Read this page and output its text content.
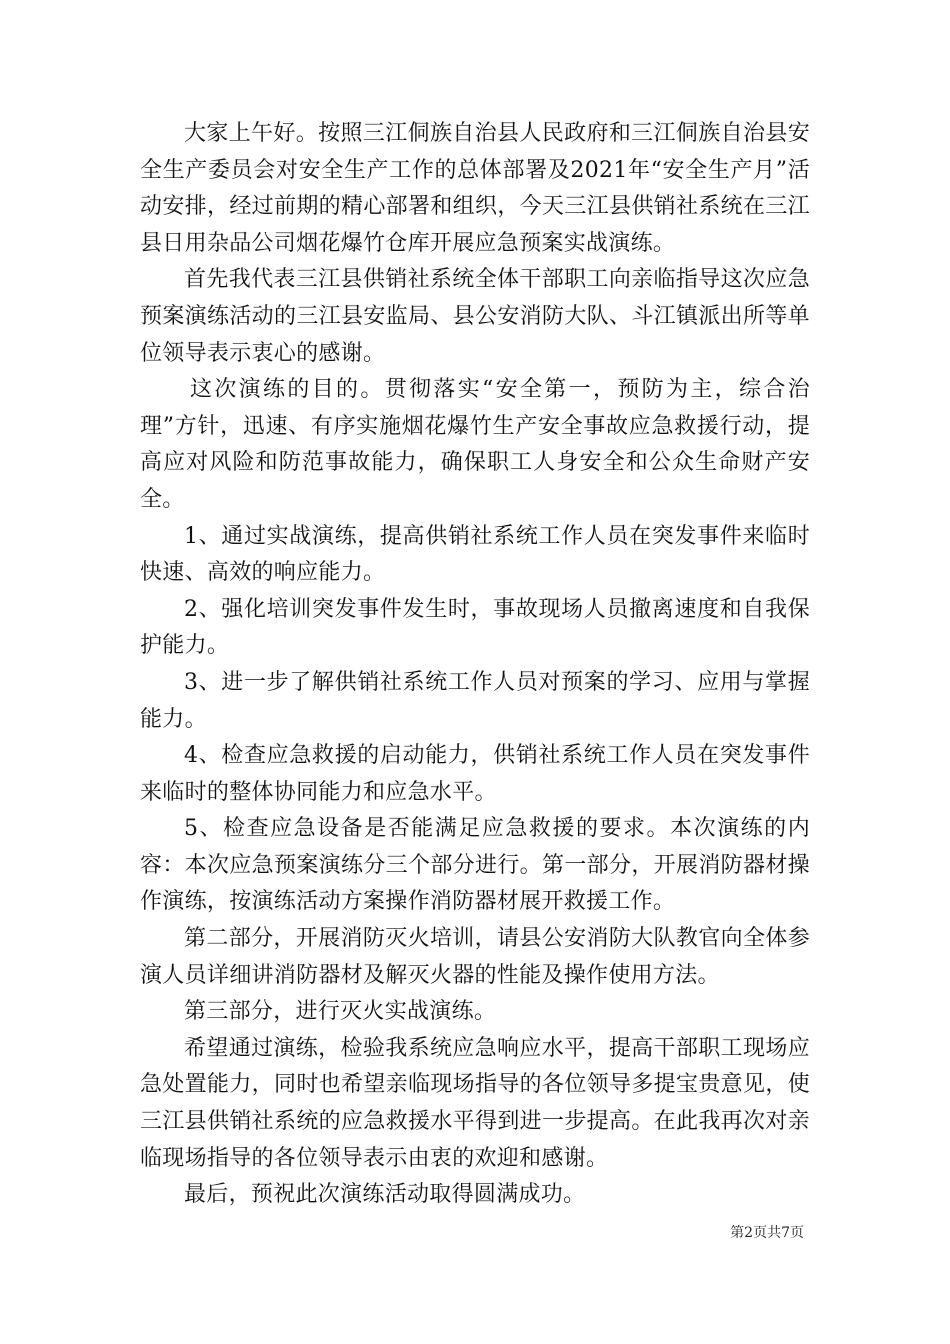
大家上午好。按照三江侗族自治县人民政府和三江侗族自治县安全生产委员会对安全生产工作的总体部署及2021年“安全生产月”活动安排，经过前期的精心部署和组织，今天三江县供销社系统在三江县日用杂品公司烟花爆竹仓库开展应急预案实战演练。

首先我代表三江县供销社系统全体干部职工向亲临指导这次应急预案演练活动的三江县安监局、县公安消防大队、斗江镇派出所等单位领导表示衷心的感谢。

这次演练的目的。贯彻落实“安全第一，预防为主，综合治理”方针，迅速、有序实施烟花爆竹生产安全事故应急救援行动，提高应对风险和防范事故能力，确保职工人身安全和公众生命财产安全。

1、通过实战演练，提高供销社系统工作人员在突发事件来临时快速、高效的响应能力。

2、强化培训突发事件发生时，事故现场人员撤离速度和自我保护能力。

3、进一步了解供销社系统工作人员对预案的学习、应用与掌握能力。

4、检查应急救援的启动能力，供销社系统工作人员在突发事件来临时的整体协同能力和应急水平。

5、检查应急设备是否能满足应急救援的要求。本次演练的内容：本次应急预案演练分三个部分进行。第一部分，开展消防器材操作演练，按演练活动方案操作消防器材展开救援工作。

第二部分，开展消防灭火培训，请县公安消防大队教官向全体参演人员详细讲消防器材及解灭火器的性能及操作使用方法。

第三部分，进行灭火实战演练。

希望通过演练，检验我系统应急响应水平，提高干部职工现场应急处置能力，同时也希望亲临现场指导的各位领导多提宝贵意见，使三江县供销社系统的应急救援水平得到进一步提高。在此我再次对亲临现场指导的各位领导表示由衷的欢迎和感谢。

最后，预祝此次演练活动取得圆满成功。

第2页共7页
